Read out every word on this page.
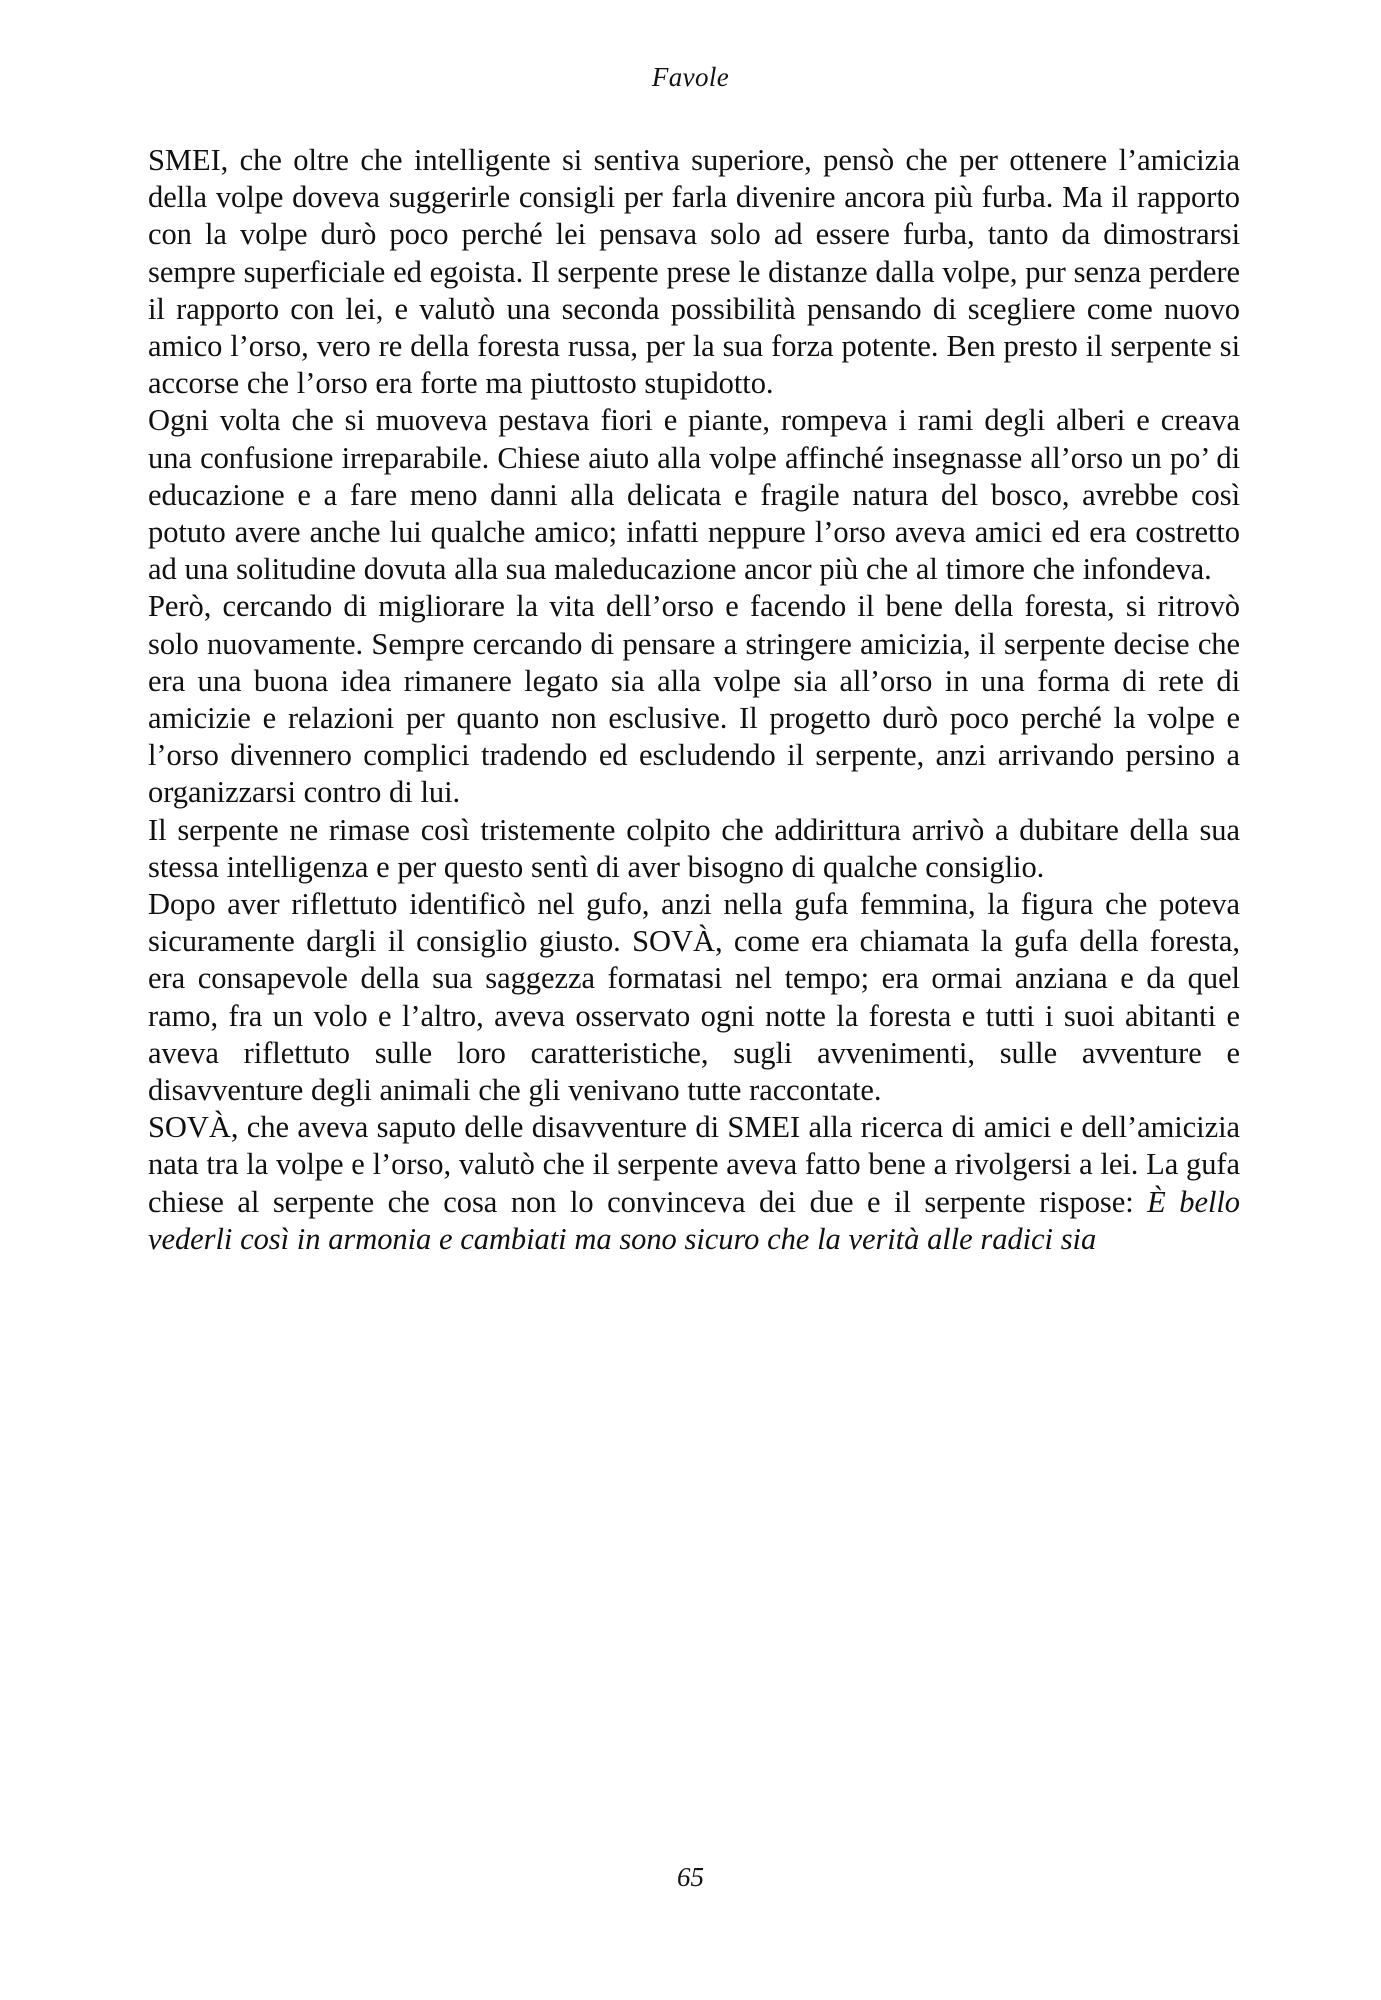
Favole

SMEI, che oltre che intelligente si sentiva superiore, pensò che per ottenere l’amicizia della volpe doveva suggerirle consigli per farla divenire ancora più furba. Ma il rapporto con la volpe durò poco perché lei pensava solo ad essere furba, tanto da dimostrarsi sempre superficiale ed egoista. Il serpente prese le distanze dalla volpe, pur senza perdere il rapporto con lei, e valutò una seconda possibilità pensando di scegliere come nuovo amico l’orso, vero re della foresta russa, per la sua forza potente. Ben presto il serpente si accorse che l’orso era forte ma piuttosto stupidotto.

Ogni volta che si muoveva pestava fiori e piante, rompeva i rami degli alberi e creava una confusione irreparabile. Chiese aiuto alla volpe affinché insegnasse all’orso un po’ di educazione e a fare meno danni alla delicata e fragile natura del bosco, avrebbe così potuto avere anche lui qualche amico; infatti neppure l’orso aveva amici ed era costretto ad una solitudine dovuta alla sua maleducazione ancor più che al timore che infondeva.

Però, cercando di migliorare la vita dell’orso e facendo il bene della foresta, si ritrovò solo nuovamente. Sempre cercando di pensare a stringere amicizia, il serpente decise che era una buona idea rimanere legato sia alla volpe sia all’orso in una forma di rete di amicizie e relazioni per quanto non esclusive. Il progetto durò poco perché la volpe e l’orso divennero complici tradendo ed escludendo il serpente, anzi arrivando persino a organizzarsi contro di lui.

Il serpente ne rimase così tristemente colpito che addirittura arrivò a dubitare della sua stessa intelligenza e per questo sentì di aver bisogno di qualche consiglio.

Dopo aver riflettuto identificò nel gufo, anzi nella gufa femmina, la figura che poteva sicuramente dargli il consiglio giusto. SOVÀ, come era chiamata la gufa della foresta, era consapevole della sua saggezza formatasi nel tempo; era ormai anziana e da quel ramo, fra un volo e l’altro, aveva osservato ogni notte la foresta e tutti i suoi abitanti e aveva riflettuto sulle loro caratteristiche, sugli avvenimenti, sulle avventure e disavventure degli animali che gli venivano tutte raccontate.

SOVÀ, che aveva saputo delle disavventure di SMEI alla ricerca di amici e dell’amicizia nata tra la volpe e l’orso, valutò che il serpente aveva fatto bene a rivolgersi a lei. La gufa chiese al serpente che cosa non lo convinceva dei due e il serpente rispose: È bello vederli così in armonia e cambiati ma sono sicuro che la verità alle radici sia

65
